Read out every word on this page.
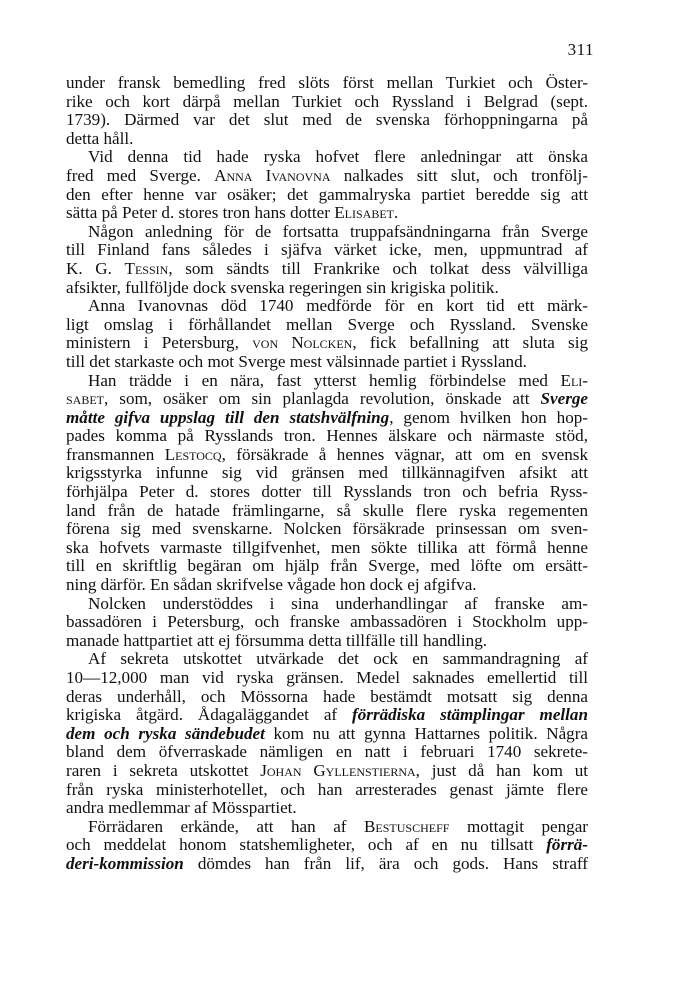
311
under fransk bemedling fred slöts först mellan Turkiet och Öster-
rike och kort därpå mellan Turkiet och Ryssland i Belgrad (sept.
1739). Därmed var det slut med de svenska förhoppningarna på
detta håll.
Vid denna tid hade ryska hofvet flere anledningar att önska
fred med Sverge. Anna Ivanovna nalkades sitt slut, och tronfölj-
den efter henne var osäker; det gammalryska partiet beredde sig att
sätta på Peter d. stores tron hans dotter Elisabet.
Någon anledning för de fortsatta truppafsändningarna från Sverge
till Finland fans således i sjäfva värket icke, men, uppmuntrad af
K. G. Tessin, som sändts till Frankrike och tolkat dess välvilliga
afsikter, fullföljde dock svenska regeringen sin krigiska politik.
Anna Ivanovnas död 1740 medförde för en kort tid ett märk-
ligt omslag i förhållandet mellan Sverge och Ryssland. Svenske
ministern i Petersburg, von Nolcken, fick befallning att sluta sig
till det starkaste och mot Sverge mest välsinnade partiet i Ryssland.
Han trädde i en nära, fast ytterst hemlig förbindelse med Eli-
sabet, som, osäker om sin planlagda revolution, önskade att Sverge
måtte gifva uppslag till den statshvälfning, genom hvilken hon hop-
pades komma på Rysslands tron. Hennes älskare och närmaste stöd,
fransmannen Lestocq, försäkrade å hennes vägnar, att om en svensk
krigsstyrka infunne sig vid gränsen med tillkännagifven afsikt att
förhjälpa Peter d. stores dotter till Rysslands tron och befria Ryss-
land från de hatade främlingarne, så skulle flere ryska regementen
förena sig med svenskarne. Nolcken försäkrade prinsessan om sven-
ska hofvets varmaste tillgifvenhet, men sökte tillika att förmå henne
till en skriftlig begäran om hjälp från Sverge, med löfte om ersätt-
ning därför. En sådan skrifvelse vågade hon dock ej afgifva.
Nolcken understöddes i sina underhandlingar af franske am-
bassadören i Petersburg, och franske ambassadören i Stockholm upp-
manade hattpartiet att ej försumma detta tillfälle till handling.
Af sekreta utskottet utvärkade det ock en sammandragning af
10—12,000 man vid ryska gränsen. Medel saknades emellertid till
deras underhåll, och Mössorna hade bestämdt motsatt sig denna
krigiska åtgärd. Ådagaläggandet af förrädiska stämplingar mellan
dem och ryska sändebudet kom nu att gynna Hattarnes politik. Några
bland dem öfverraskade nämligen en natt i februari 1740 sekrete-
raren i sekreta utskottet Johan Gyllenstierna, just då han kom ut
från ryska ministerhotellet, och han arresterades genast jämte flere
andra medlemmar af Mösspartiet.
Förrädaren erkände, att han af Bestuscheff mottagit pengar
och meddelat honom statshemligheter, och af en nu tillsatt förrä-
deri-kommission dömdes han från lif, ära och gods. Hans straff
